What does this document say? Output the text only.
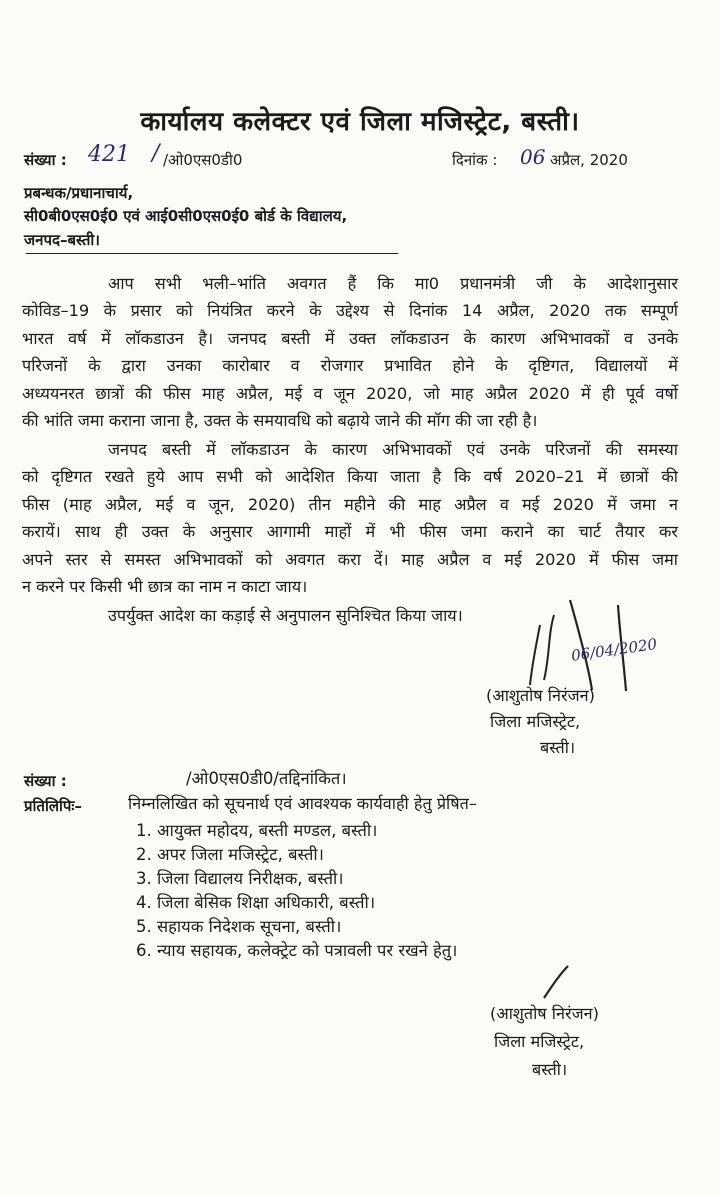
कार्यालय कलेक्टर एवं जिला मजिस्ट्रेट, बस्ती।
संख्या : 421 / /ओ0एस0डी0	दिनांक : 06 अप्रैल, 2020
प्रबन्धक/प्रधानाचार्य,
सी0बी0एस0ई0 एवं आई0सी0एस0ई0 बोर्ड के विद्यालय,
जनपद–बस्ती।
आप सभी भली–भांति अवगत हैं कि मा0 प्रधानमंत्री जी के आदेशानुसार
कोविड–19 के प्रसार को नियंत्रित करने के उद्देश्य से दिनांक 14 अप्रैल, 2020 तक सम्पूर्ण
भारत वर्ष में लॉकडाउन है। जनपद बस्ती में उक्त लॉकडाउन के कारण अभिभावकों व उनके
परिजनों के द्वारा उनका कारोबार व रोजगार प्रभावित होने के दृष्टिगत, विद्यालयों में
अध्ययनरत छात्रों की फीस माह अप्रैल, मई व जून 2020, जो माह अप्रैल 2020 में ही पूर्व वर्षो
की भांति जमा कराना जाना है, उक्त के समयावधि को बढ़ाये जाने की मॉग की जा रही है।
जनपद बस्ती में लॉकडाउन के कारण अभिभावकों एवं उनके परिजनों की समस्या
को दृष्टिगत रखते हुये आप सभी को आदेशित किया जाता है कि वर्ष 2020–21 में छात्रों की
फीस (माह अप्रैल, मई व जून, 2020) तीन महीने की माह अप्रैल व मई 2020 में जमा न
करायें। साथ ही उक्त के अनुसार आगामी माहों में भी फीस जमा कराने का चार्ट तैयार कर
अपने स्तर से समस्त अभिभावकों को अवगत करा दें। माह अप्रैल व मई 2020 में फीस जमा
न करने पर किसी भी छात्र का नाम न काटा जाय।
उपर्युक्त आदेश का कड़ाई से अनुपालन सुनिश्चित किया जाय।
06/04/2020
(आशुतोष निरंजन)
जिला मजिस्ट्रेट,
बस्ती।
संख्या :	/ओ0एस0डी0/तद्दिनांकित।
प्रतिलिपिः–	निम्नलिखित को सूचनार्थ एवं आवश्यक कार्यवाही हेतु प्रेषित–
1. आयुक्त महोदय, बस्ती मण्डल, बस्ती।
2. अपर जिला मजिस्ट्रेट, बस्ती।
3. जिला विद्यालय निरीक्षक, बस्ती।
4. जिला बेसिक शिक्षा अधिकारी, बस्ती।
5. सहायक निदेशक सूचना, बस्ती।
6. न्याय सहायक, कलेक्ट्रेट को पत्रावली पर रखने हेतु।
(आशुतोष निरंजन)
जिला मजिस्ट्रेट,
बस्ती।
